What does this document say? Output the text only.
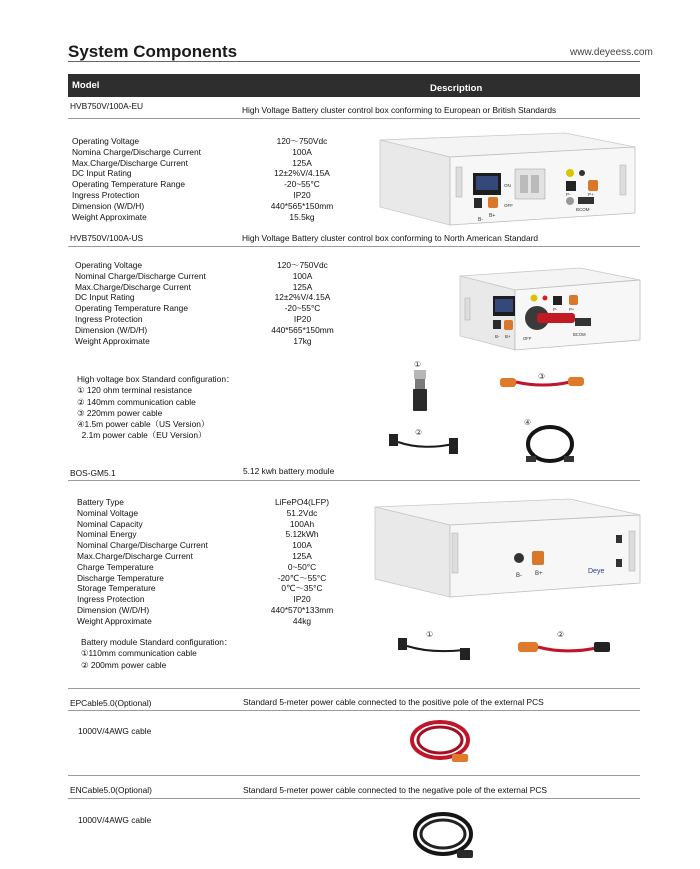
System Components	www.deyeess.com
Model	Description
HVB750V/100A-EU	High Voltage Battery cluster control box conforming to European or British Standards
Operating Voltage	120～750Vdc
Nomina Charge/Discharge Current	100A
Max.Charge/Discharge Current	125A
DC Input Rating	12±2%V/4.15A
Operating Temperature Range	-20~55°C
Ingress Protection	IP20
Dimension (W/D/H)	440*565*150mm
Weight Approximate	15.5kg	B-
B+
ON
OFF
P-	P+
BCOM
HVB750V/100A-US	High Voltage Battery cluster control box conforming to North American Standard
Operating Voltage	120～750Vdc
Nominal Charge/Discharge Current	100A
Max.Charge/Discharge Current	125A
DC Input Rating	12±2%V/4.15A
Operating Temperature Range	-20~55°C
Ingress Protection	IP20
Dimension (W/D/H)	440*565*150mm
Weight Approximate	17kg	B- B+	OFF
P-	P+
BCOM
High voltage box Standard configuration：
① 120 ohm terminal resistance
② 140mm communication cable
③ 220mm power cable
④1.5m power cable（US Version）
2.1m power cable（EU Version）
①
③
②
④
BOS-GM5.1	5.12 kwh battery module
Battery Type	LiFePO4(LFP)
Nominal Voltage	51.2Vdc
Nominal Capacity	100Ah
Nominal Energy	5.12kWh
Nominal Charge/Discharge Current	100A
Max.Charge/Discharge Current	125A
Charge Temperature	0~50°C
Discharge Temperature	-20℃～55°C
Storage Temperature	0℃～35°C
Ingress Protection	IP20
Dimension (W/D/H)	440*570*133mm
Weight Approximate	44kg
B- B+	Deye
Battery module Standard configuration：
①110mm communication cable
② 200mm power cable
①	②
EPCable5.0(Optional)	Standard 5-meter power cable connected to the positive pole of the external PCS
1000V/4AWG cable
ENCable5.0(Optional)	Standard 5-meter power cable connected to the negative pole of the external PCS
1000V/4AWG cable
